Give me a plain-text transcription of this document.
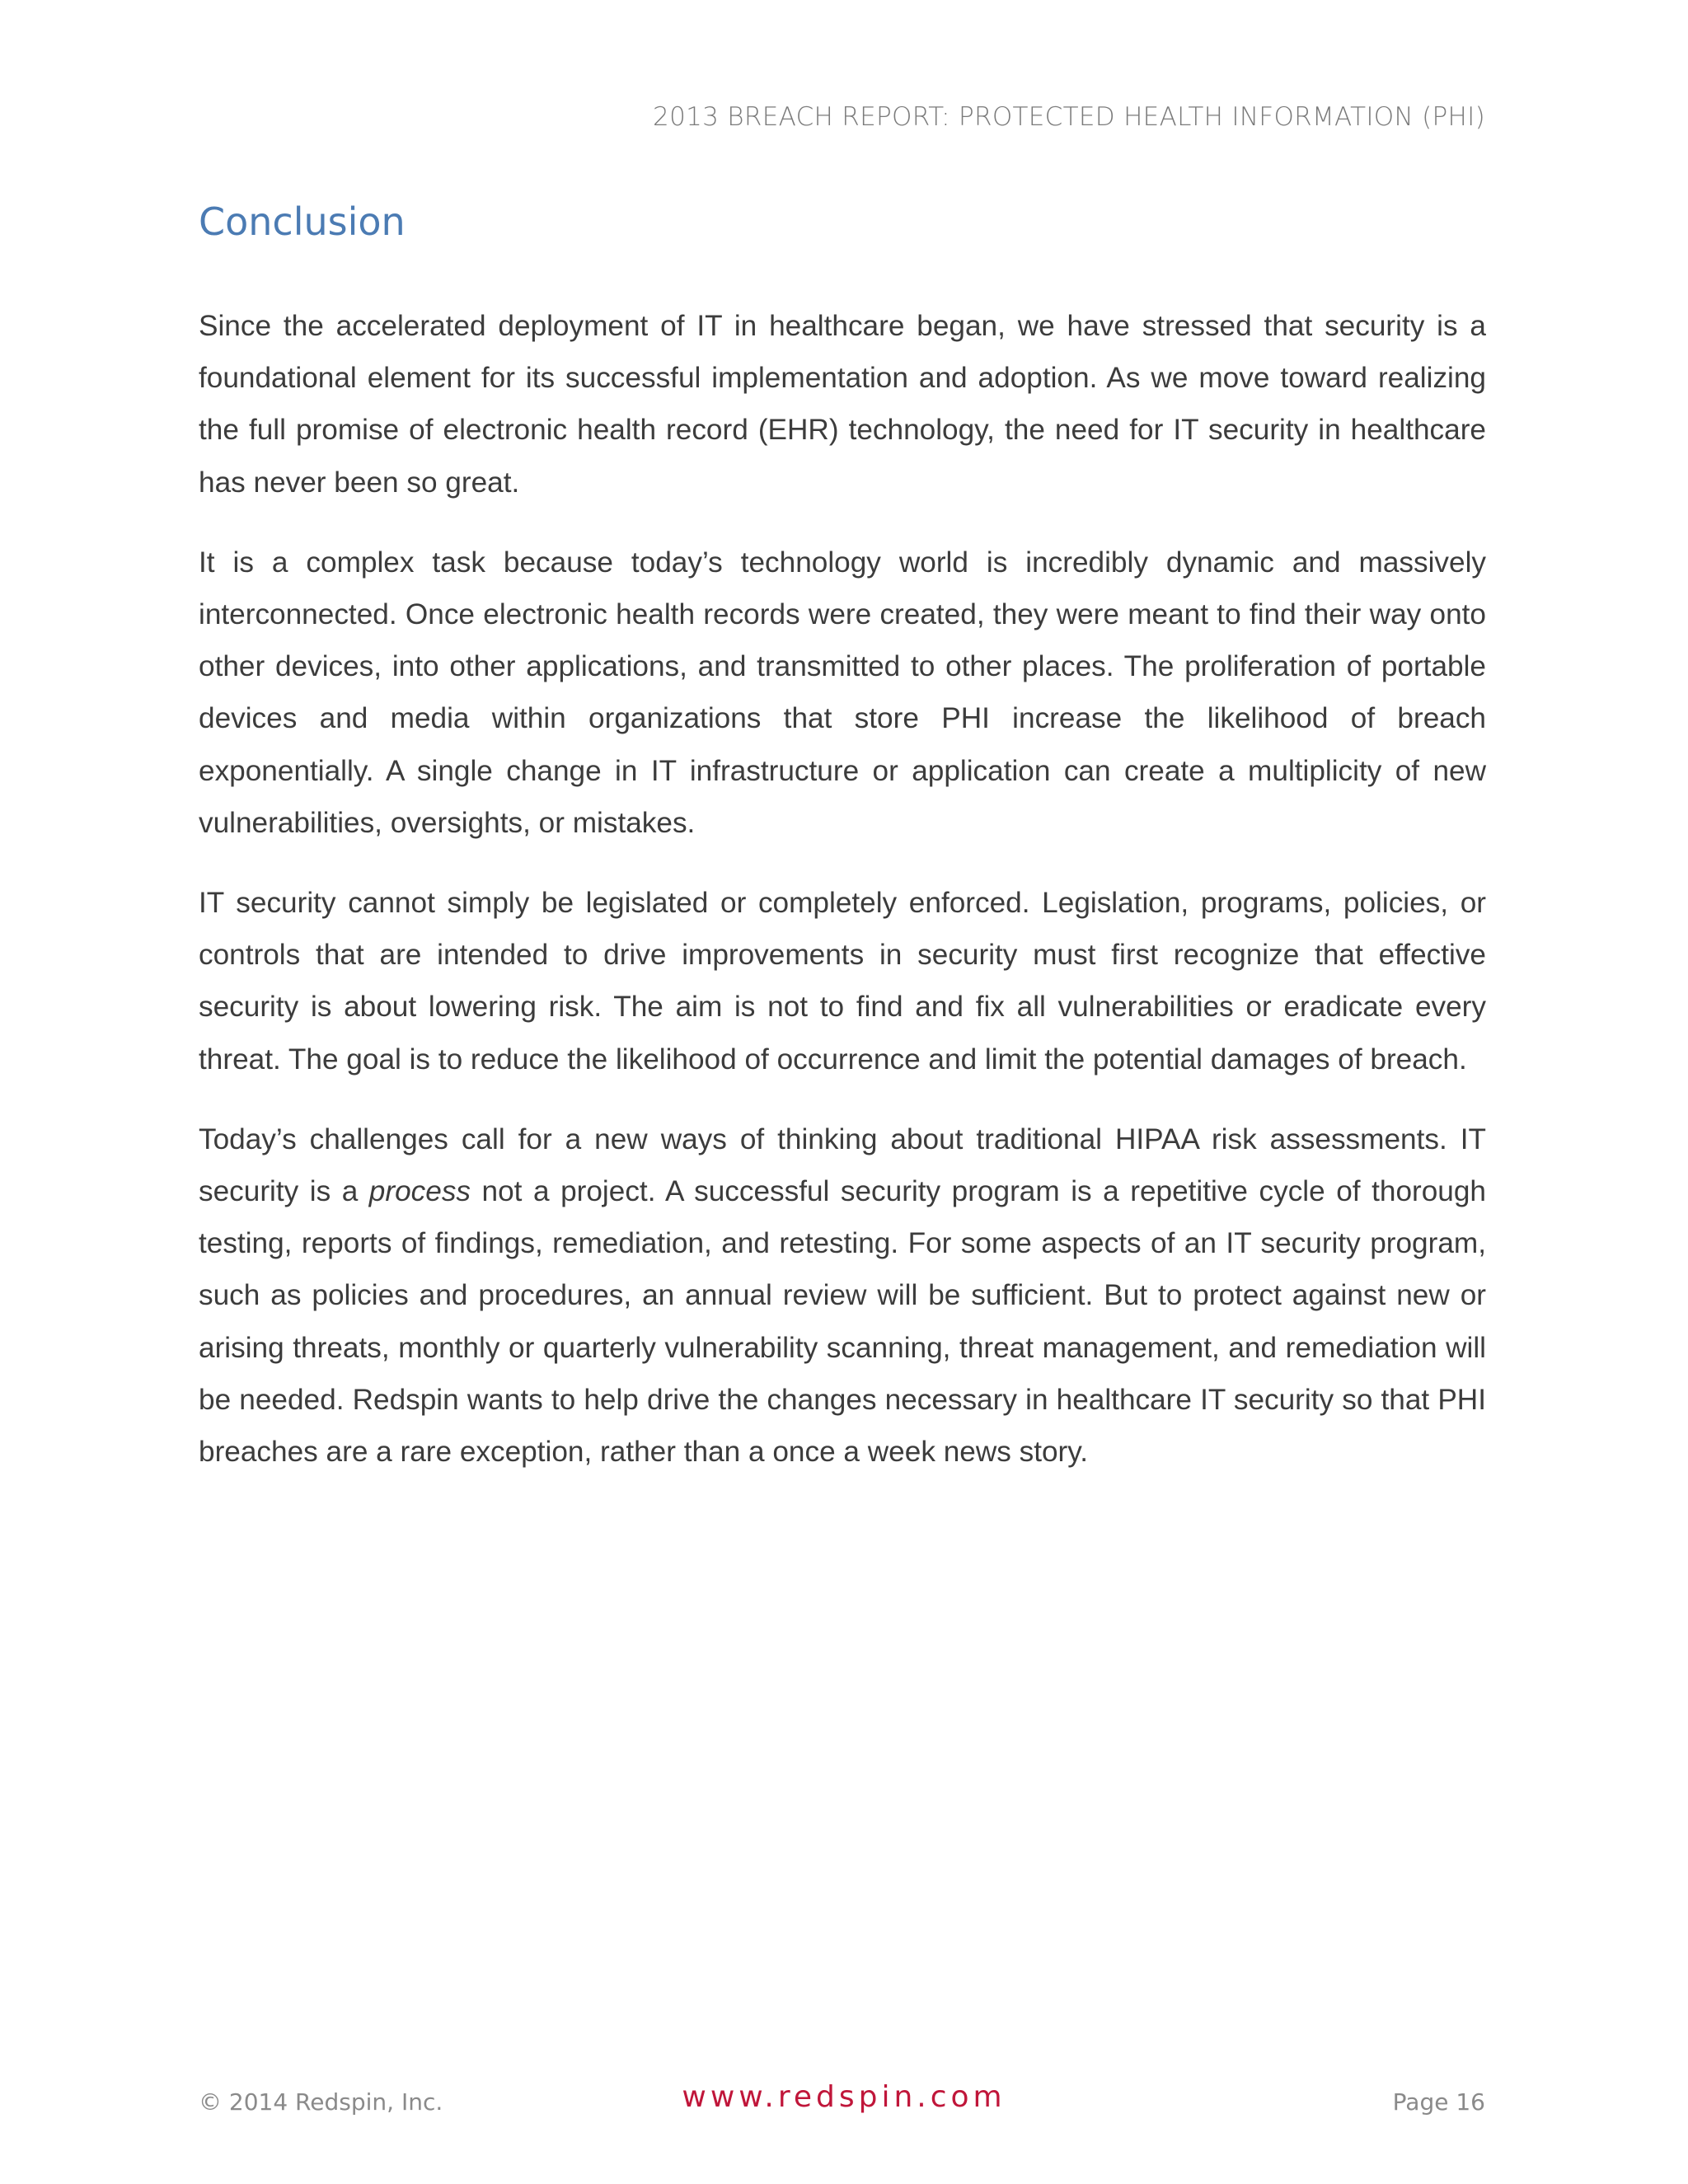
2013 BREACH REPORT: PROTECTED HEALTH INFORMATION (PHI)
Conclusion

Since the accelerated deployment of IT in healthcare began, we have stressed that security is a foundational element for its successful implementation and adoption. As we move toward realizing the full promise of electronic health record (EHR) technology, the need for IT security in healthcare has never been so great.

It is a complex task because today’s technology world is incredibly dynamic and massively interconnected. Once electronic health records were created, they were meant to find their way onto other devices, into other applications, and transmitted to other places. The proliferation of portable devices and media within organizations that store PHI increase the likelihood of breach exponentially. A single change in IT infrastructure or application can create a multiplicity of new vulnerabilities, oversights, or mistakes.

IT security cannot simply be legislated or completely enforced. Legislation, programs, policies, or controls that are intended to drive improvements in security must first recognize that effective security is about lowering risk. The aim is not to find and fix all vulnerabilities or eradicate every threat. The goal is to reduce the likelihood of occurrence and limit the potential damages of breach.

Today’s challenges call for a new ways of thinking about traditional HIPAA risk assessments. IT security is a process not a project. A successful security program is a repetitive cycle of thorough testing, reports of findings, remediation, and retesting. For some aspects of an IT security program, such as policies and procedures, an annual review will be sufficient. But to protect against new or arising threats, monthly or quarterly vulnerability scanning, threat management, and remediation will be needed. Redspin wants to help drive the changes necessary in healthcare IT security so that PHI breaches are a rare exception, rather than a once a week news story.

© 2014 Redspin, Inc.	www.redspin.com	Page 16
